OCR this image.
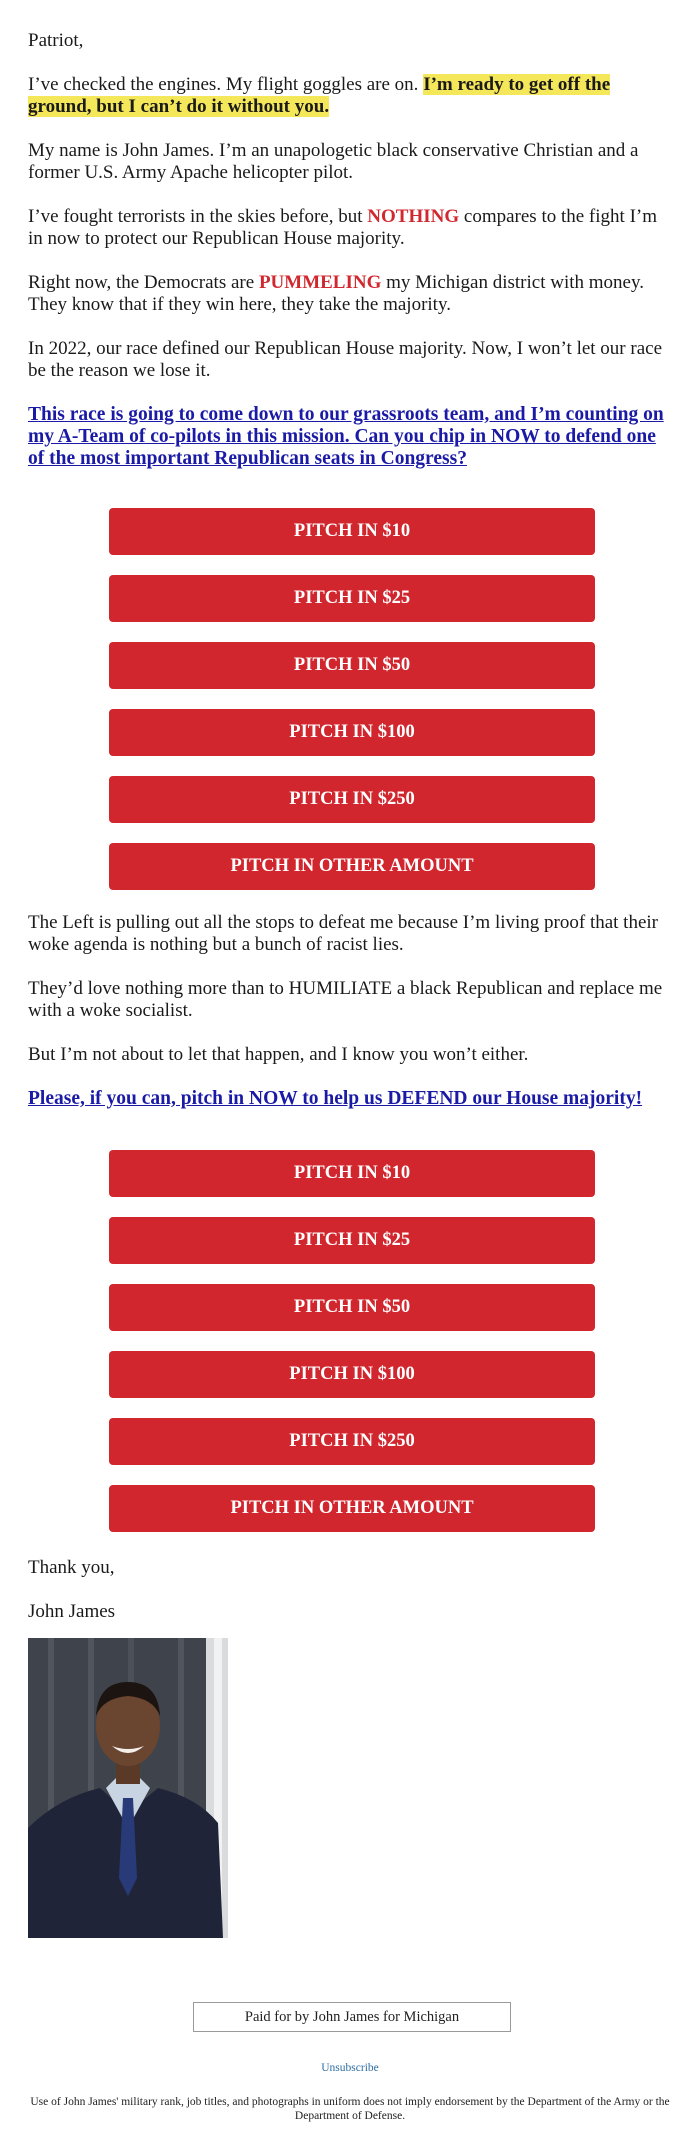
Patriot,

I’ve checked the engines. My flight goggles are on. I’m ready to get off the ground, but I can’t do it without you.

My name is John James. I’m an unapologetic black conservative Christian and a former U.S. Army Apache helicopter pilot.

I’ve fought terrorists in the skies before, but NOTHING compares to the fight I’m in now to protect our Republican House majority.

Right now, the Democrats are PUMMELING my Michigan district with money. They know that if they win here, they take the majority.

In 2022, our race defined our Republican House majority. Now, I won’t let our race be the reason we lose it.

This race is going to come down to our grassroots team, and I’m counting on my A-Team of co-pilots in this mission. Can you chip in NOW to defend one of the most important Republican seats in Congress?
PITCH IN $10
PITCH IN $25
PITCH IN $50
PITCH IN $100
PITCH IN $250
PITCH IN OTHER AMOUNT

The Left is pulling out all the stops to defeat me because I’m living proof that their woke agenda is nothing but a bunch of racist lies.

They’d love nothing more than to HUMILIATE a black Republican and replace me with a woke socialist.

But I’m not about to let that happen, and I know you won’t either.

Please, if you can, pitch in NOW to help us DEFEND our House majority!
PITCH IN $10
PITCH IN $25
PITCH IN $50
PITCH IN $100
PITCH IN $250
PITCH IN OTHER AMOUNT

Thank you,

John James

Paid for by John James for Michigan
Unsubscribe
Use of John James' military rank, job titles, and photographs in uniform does not imply endorsement by the Department of the Army or the Department of Defense.
